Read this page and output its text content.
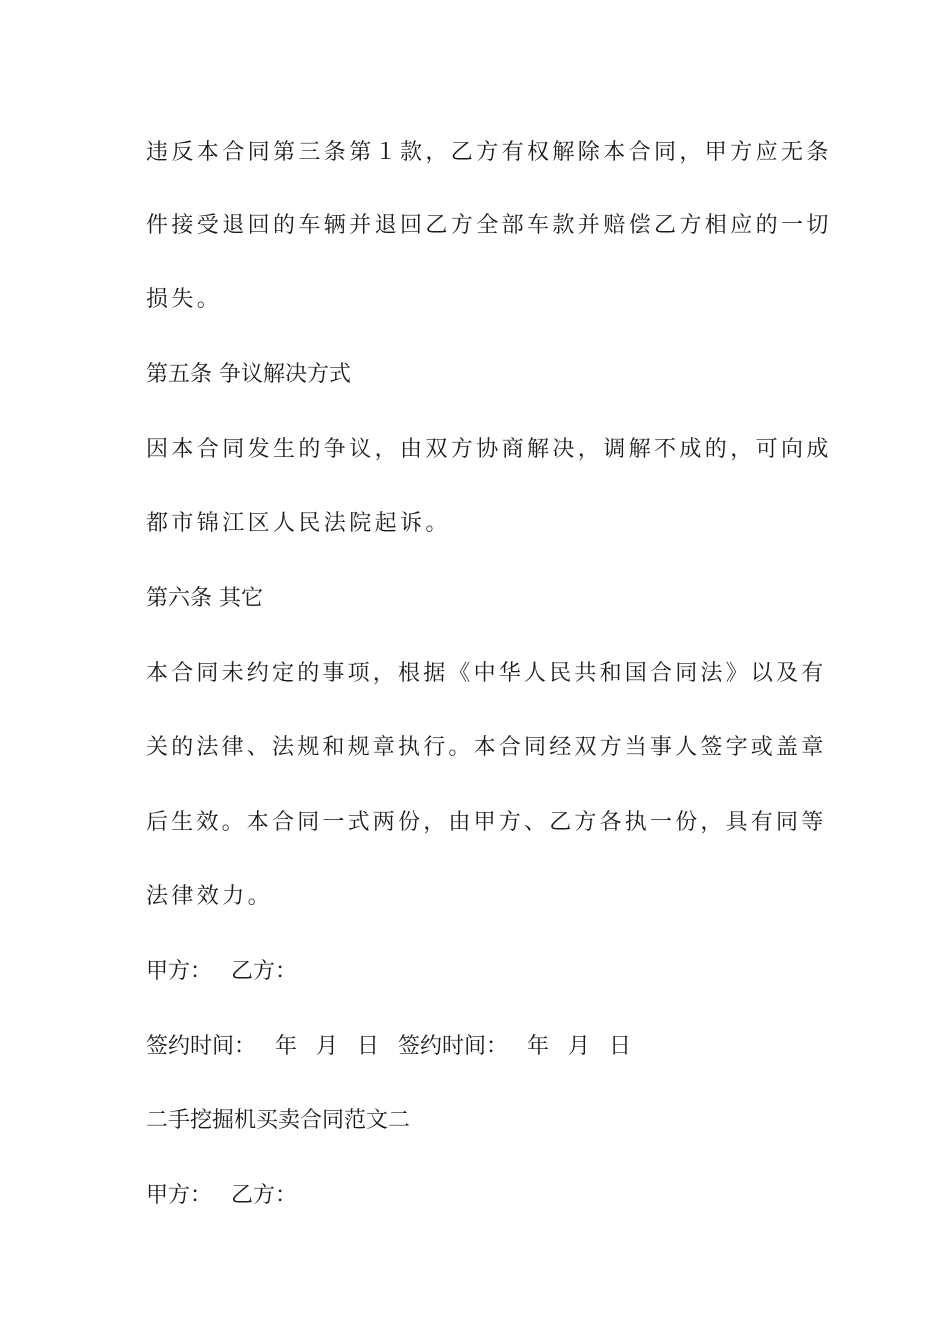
违反本合同第三条第１款，乙方有权解除本合同，甲方应无条

件接受退回的车辆并退回乙方全部车款并赔偿乙方相应的一切

损失。

第五条 争议解决方式

因本合同发生的争议，由双方协商解决，调解不成的，可向成

都市锦江区人民法院起诉。

第六条 其它

本合同未约定的事项，根据《中华人民共和国合同法》以及有

关的法律、法规和规章执行。本合同经双方当事人签字或盖章

后生效。本合同一式两份，由甲方、乙方各执一份，具有同等

法律效力。

甲方： 乙方：

签约时间： 年 月 日 签约时间： 年 月 日

二手挖掘机买卖合同范文二

甲方： 乙方：
